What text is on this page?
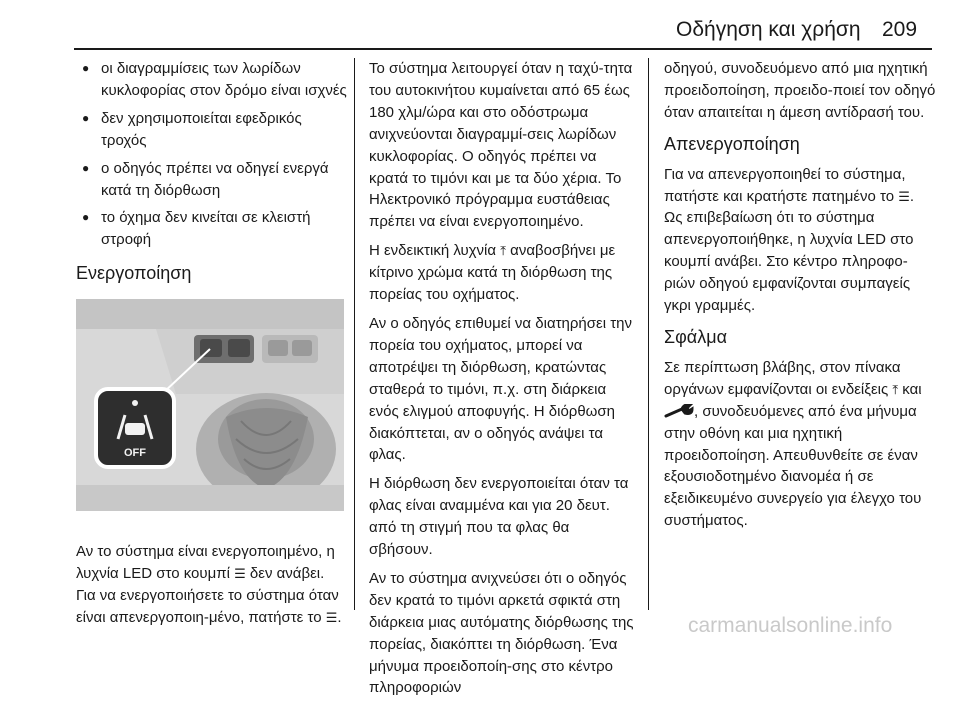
Οδήγηση και χρήση 209
● οι διαγραμμίσεις των λωρίδων κυκλοφορίας στον δρόμο είναι ισχνές
● δεν χρησιμοποιείται εφεδρικός τροχός
● ο οδηγός πρέπει να οδηγεί ενεργά κατά τη διόρθωση
● το όχημα δεν κινείται σε κλειστή στροφή
Ενεργοποίηση
OFF

Αν το σύστημα είναι ενεργοποιημένο, η λυχνία LED στο κουμπί ☰ δεν ανάβει. Για να ενεργοποιήσετε το σύστημα όταν είναι απενεργοποιη-μένο, πατήστε το ☰.

Το σύστημα λειτουργεί όταν η ταχύ-τητα του αυτοκινήτου κυμαίνεται από 65 έως 180 χλμ/ώρα και στο οδόστρωμα ανιχνεύονται διαγραμμί-σεις λωρίδων κυκλοφορίας. Ο οδηγός πρέπει να κρατά το τιμόνι και με τα δύο χέρια. Το Ηλεκτρονικό πρόγραμμα ευστάθειας πρέπει να είναι ενεργοποιημένο.

Η ενδεικτική λυχνία ⤒ αναβοσβήνει με κίτρινο χρώμα κατά τη διόρθωση της πορείας του οχήματος.

Αν ο οδηγός επιθυμεί να διατηρήσει την πορεία του οχήματος, μπορεί να αποτρέψει τη διόρθωση, κρατώντας σταθερά το τιμόνι, π.χ. στη διάρκεια ενός ελιγμού αποφυγής. Η διόρθωση διακόπτεται, αν ο οδηγός ανάψει τα φλας.

Η διόρθωση δεν ενεργοποιείται όταν τα φλας είναι αναμμένα και για 20 δευτ. από τη στιγμή που τα φλας θα σβήσουν.

Αν το σύστημα ανιχνεύσει ότι ο οδηγός δεν κρατά το τιμόνι αρκετά σφικτά στη διάρκεια μιας αυτόματης διόρθωσης της πορείας, διακόπτει τη διόρθωση. Ένα μήνυμα προειδοποίη-σης στο κέντρο πληροφοριών

οδηγού, συνοδευόμενο από μια ηχητική προειδοποίηση, προειδο-ποιεί τον οδηγό όταν απαιτείται η άμεση αντίδρασή του.

Απενεργοποίηση

Για να απενεργοποιηθεί το σύστημα, πατήστε και κρατήστε πατημένο το ☰. Ως επιβεβαίωση ότι το σύστημα απενεργοποιήθηκε, η λυχνία LED στο κουμπί ανάβει. Στο κέντρο πληροφο-ριών οδηγού εμφανίζονται συμπαγείς γκρι γραμμές.

Σφάλμα

Σε περίπτωση βλάβης, στον πίνακα οργάνων εμφανίζονται οι ενδείξεις ⤒ και , συνοδευόμενες από ένα μήνυμα στην οθόνη και μια ηχητική προειδοποίηση. Απευθυνθείτε σε έναν εξουσιοδοτημένο διανομέα ή σε εξειδικευμένο συνεργείο για έλεγχο του συστήματος.

carmanualsonline.info
